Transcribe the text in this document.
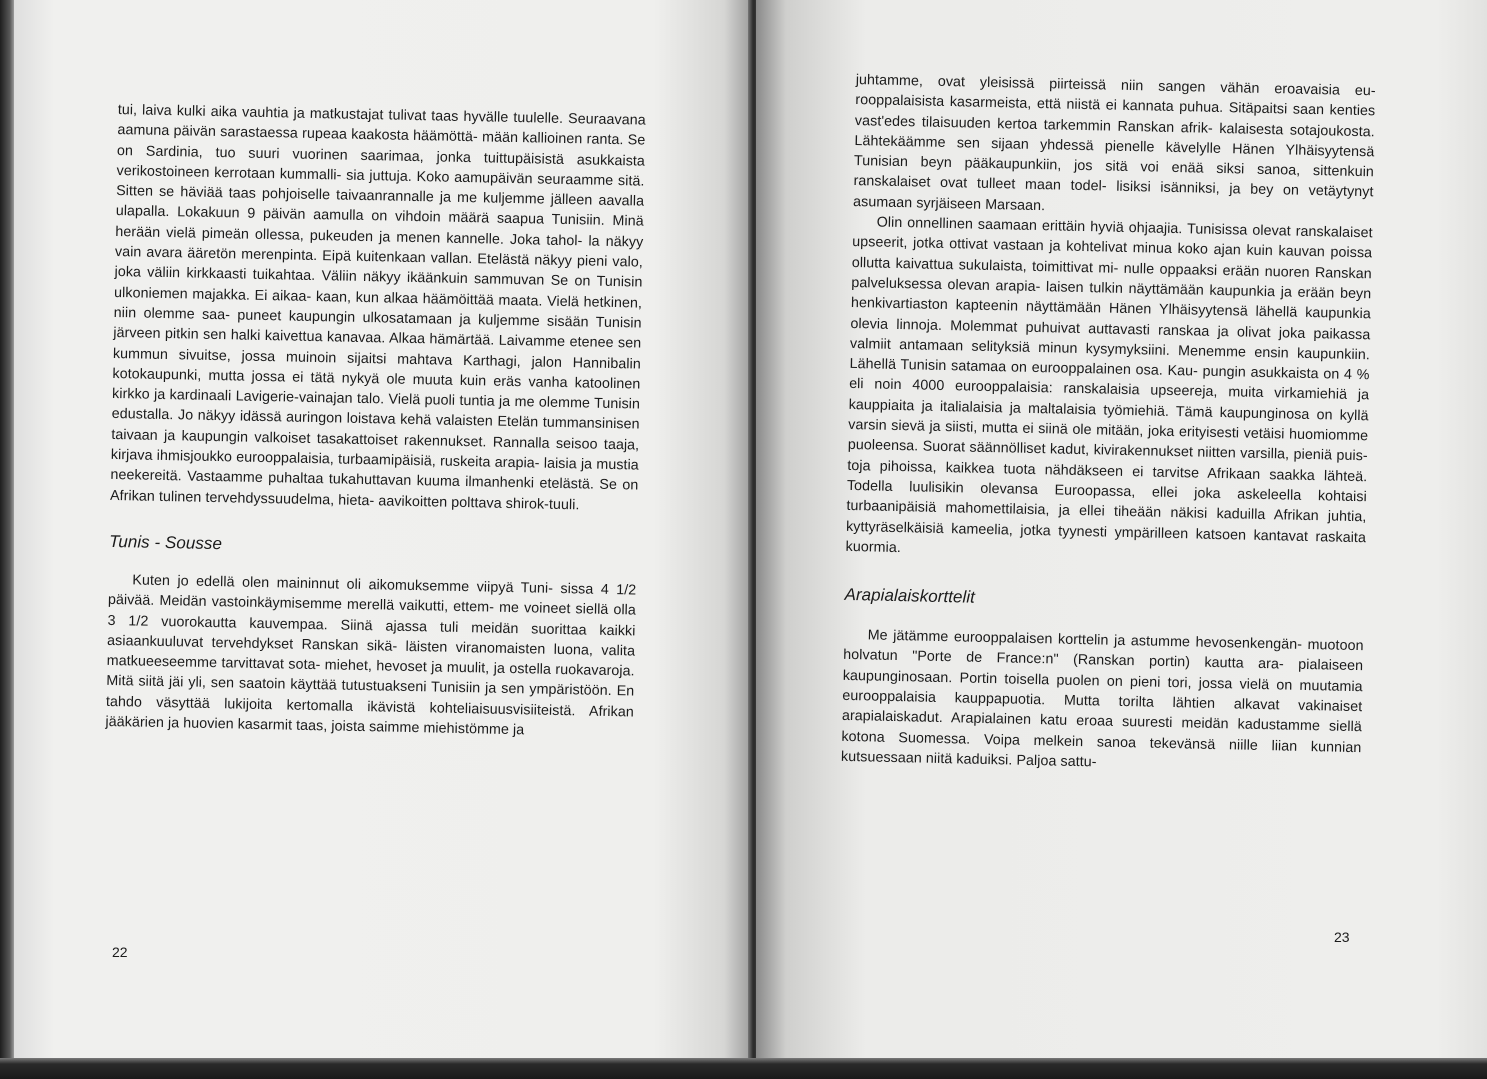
tui, laiva kulki aika vauhtia ja matkustajat tulivat taas hyvälle tuulelle. Seuraavana aamuna päivän sarastaessa rupeaa kaakosta häämöttä- mään kallioinen ranta. Se on Sardinia, tuo suuri vuorinen saarimaa, jonka tuittupäisistä asukkaista verikostoineen kerrotaan kummalli- sia juttuja. Koko aamupäivän seuraamme sitä. Sitten se häviää taas pohjoiselle taivaanrannalle ja me kuljemme jälleen aavalla ulapalla. Lokakuun 9 päivän aamulla on vihdoin määrä saapua Tunisiin. Minä herään vielä pimeän ollessa, pukeuden ja menen kannelle. Joka tahol- la näkyy vain avara ääretön merenpinta. Eipä kuitenkaan vallan. Etelästä näkyy pieni valo, joka väliin kirkkaasti tuikahtaa. Väliin näkyy ikäänkuin sammuvan Se on Tunisin ulkoniemen majakka. Ei aikaa- kaan, kun alkaa häämöittää maata. Vielä hetkinen, niin olemme saa- puneet kaupungin ulkosatamaan ja kuljemme sisään Tunisin järveen pitkin sen halki kaivettua kanavaa. Alkaa hämärtää. Laivamme etenee sen kummun sivuitse, jossa muinoin sijaitsi mahtava Karthagi, jalon Hannibalin kotokaupunki, mutta jossa ei tätä nykyä ole muuta kuin eräs vanha katoolinen kirkko ja kardinaali Lavigerie-vainajan talo. Vielä puoli tuntia ja me olemme Tunisin edustalla. Jo näkyy idässä auringon loistava kehä valaisten Etelän tummansinisen taivaan ja kaupungin valkoiset tasakattoiset rakennukset. Rannalla seisoo taaja, kirjava ihmisjoukko eurooppalaisia, turbaamipäisiä, ruskeita arapia- laisia ja mustia neekereitä. Vastaamme puhaltaa tukahuttavan kuuma ilmanhenki etelästä. Se on Afrikan tulinen tervehdyssuudelma, hieta- aavikoitten polttava shirok-tuuli.

Tunis - Sousse

Kuten jo edellä olen maininnut oli aikomuksemme viipyä Tuni- sissa 4 1/2 päivää. Meidän vastoinkäymisemme merellä vaikutti, ettem- me voineet siellä olla 3 1/2 vuorokautta kauvempaa. Siinä ajassa tuli meidän suorittaa kaikki asiaankuuluvat tervehdykset Ranskan sikä- läisten viranomaisten luona, valita matkueeseemme tarvittavat sota- miehet, hevoset ja muulit, ja ostella ruokavaroja. Mitä siitä jäi yli, sen saatoin käyttää tutustuakseni Tunisiin ja sen ympäristöön. En tahdo väsyttää lukijoita kertomalla ikävistä kohteliaisuusvisiiteistä. Afrikan jääkärien ja huovien kasarmit taas, joista saimme miehistömme ja

22

juhtamme, ovat yleisissä piirteissä niin sangen vähän eroavaisia eu- rooppalaisista kasarmeista, että niistä ei kannata puhua. Sitäpaitsi saan kenties vast'edes tilaisuuden kertoa tarkemmin Ranskan afrik- kalaisesta sotajoukosta. Lähtekäämme sen sijaan yhdessä pienelle kävelylle Hänen Ylhäisyytensä Tunisian beyn pääkaupunkiin, jos sitä voi enää siksi sanoa, sittenkuin ranskalaiset ovat tulleet maan todel- lisiksi isänniksi, ja bey on vetäytynyt asumaan syrjäiseen Marsaan.

Olin onnellinen saamaan erittäin hyviä ohjaajia. Tunisissa olevat ranskalaiset upseerit, jotka ottivat vastaan ja kohtelivat minua koko ajan kuin kauvan poissa ollutta kaivattua sukulaista, toimittivat mi- nulle oppaaksi erään nuoren Ranskan palveluksessa olevan arapia- laisen tulkin näyttämään kaupunkia ja erään beyn henkivartiaston kapteenin näyttämään Hänen Ylhäisyytensä lähellä kaupunkia olevia linnoja. Molemmat puhuivat auttavasti ranskaa ja olivat joka paikassa valmiit antamaan selityksiä minun kysymyksiini. Menemme ensin kaupunkiin. Lähellä Tunisin satamaa on eurooppalainen osa. Kau- pungin asukkaista on 4 % eli noin 4000 eurooppalaisia: ranskalaisia upseereja, muita virkamiehiä ja kauppiaita ja italialaisia ja maltalaisia työmiehiä. Tämä kaupunginosa on kyllä varsin sievä ja siisti, mutta ei siinä ole mitään, joka erityisesti vetäisi huomiomme puoleensa. Suorat säännölliset kadut, kivirakennukset niitten varsilla, pieniä puis- toja pihoissa, kaikkea tuota nähdäkseen ei tarvitse Afrikaan saakka lähteä. Todella luulisikin olevansa Euroopassa, ellei joka askeleella kohtaisi turbaanipäisiä mahomettilaisia, ja ellei tiheään näkisi kaduilla Afrikan juhtia, kyttyräselkäisiä kameelia, jotka tyynesti ympärilleen katsoen kantavat raskaita kuormia.

Arapialaiskorttelit

Me jätämme eurooppalaisen korttelin ja astumme hevosenkengän- muotoon holvatun "Porte de France:n" (Ranskan portin) kautta ara- pialaiseen kaupunginosaan. Portin toisella puolen on pieni tori, jossa vielä on muutamia eurooppalaisia kauppapuotia. Mutta torilta lähtien alkavat vakinaiset arapialaiskadut. Arapialainen katu eroaa suuresti meidän kadustamme siellä kotona Suomessa. Voipa melkein sanoa tekevänsä niille liian kunnian kutsuessaan niitä kaduiksi. Paljoa sattu-

23
